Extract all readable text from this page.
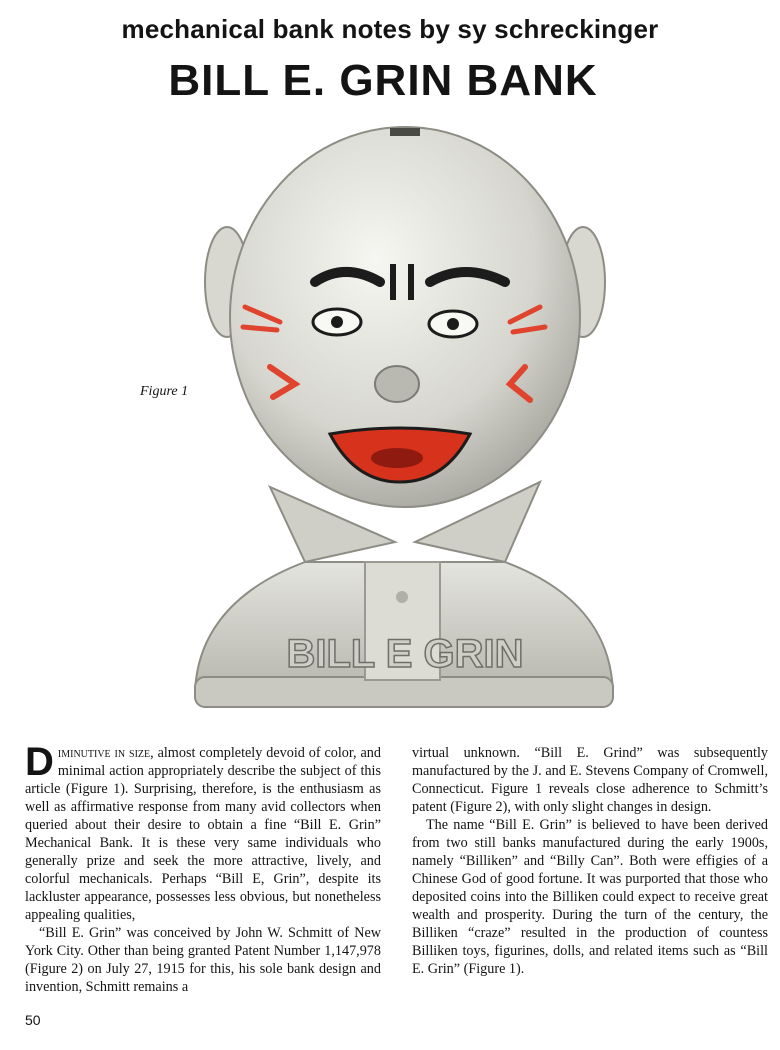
mechanical bank notes by sy schreckinger
BILL E. GRIN BANK
Figure 1
BILL E GRIN

Diminutive in size, almost completely devoid of color, and minimal action appropriately describe the subject of this article (Figure 1). Surprising, therefore, is the enthusiasm as well as affirmative response from many avid collectors when queried about their desire to obtain a fine “Bill E. Grin” Mechanical Bank. It is these very same individuals who generally prize and seek the more attractive, lively, and colorful mechanicals. Perhaps “Bill E, Grin”, despite its lackluster appearance, possesses less obvious, but nonetheless appealing qualities,

“Bill E. Grin” was conceived by John W. Schmitt of New York City. Other than being granted Patent Number 1,147,978 (Figure 2) on July 27, 1915 for this, his sole bank design and invention, Schmitt remains a

virtual unknown. “Bill E. Grind” was subsequently manufactured by the J. and E. Stevens Company of Cromwell, Connecticut. Figure 1 reveals close adherence to Schmitt’s patent (Figure 2), with only slight changes in design.

The name “Bill E. Grin” is believed to have been derived from two still banks manufactured during the early 1900s, namely “Billiken” and “Billy Can”. Both were effigies of a Chinese God of good fortune. It was purported that those who deposited coins into the Billiken could expect to receive great wealth and prosperity. During the turn of the century, the Billiken “craze” resulted in the production of countess Billiken toys, figurines, dolls, and related items such as “Bill E. Grin” (Figure 1).

50
